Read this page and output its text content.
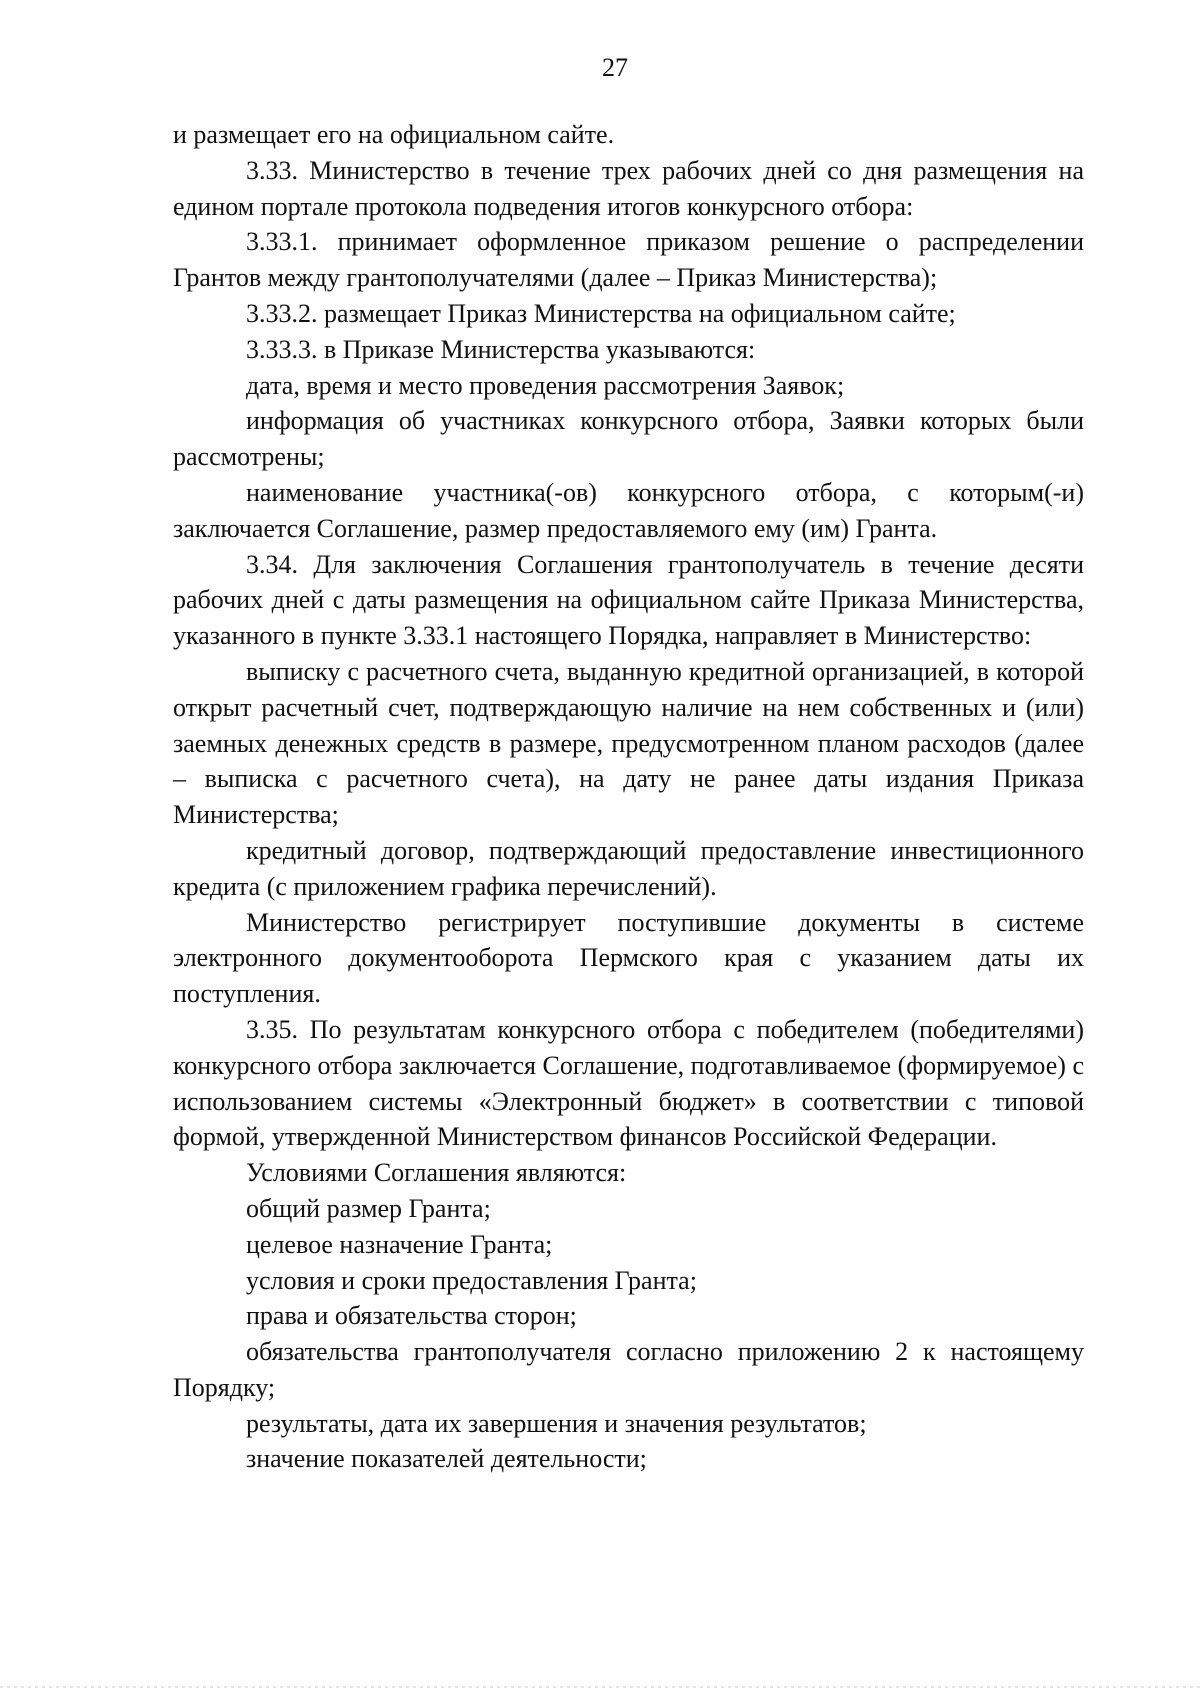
27

и размещает его на официальном сайте.

3.33. Министерство в течение трех рабочих дней со дня размещения на едином портале протокола подведения итогов конкурсного отбора:

3.33.1. принимает оформленное приказом решение о распределении Грантов между грантополучателями (далее – Приказ Министерства);

3.33.2. размещает Приказ Министерства на официальном сайте;

3.33.3. в Приказе Министерства указываются:

дата, время и место проведения рассмотрения Заявок;

информация об участниках конкурсного отбора, Заявки которых были рассмотрены;

наименование участника(-ов) конкурсного отбора, с которым(-и) заключается Соглашение, размер предоставляемого ему (им) Гранта.

3.34. Для заключения Соглашения грантополучатель в течение десяти рабочих дней с даты размещения на официальном сайте Приказа Министерства, указанного в пункте 3.33.1 настоящего Порядка, направляет в Министерство:

выписку с расчетного счета, выданную кредитной организацией, в которой открыт расчетный счет, подтверждающую наличие на нем собственных и (или) заемных денежных средств в размере, предусмотренном планом расходов (далее – выписка с расчетного счета), на дату не ранее даты издания Приказа Министерства;

кредитный договор, подтверждающий предоставление инвестиционного кредита (с приложением графика перечислений).

Министерство регистрирует поступившие документы в системе электронного документооборота Пермского края с указанием даты их поступления.

3.35. По результатам конкурсного отбора с победителем (победителями) конкурсного отбора заключается Соглашение, подготавливаемое (формируемое) с использованием системы «Электронный бюджет» в соответствии с типовой формой, утвержденной Министерством финансов Российской Федерации.

Условиями Соглашения являются:

общий размер Гранта;

целевое назначение Гранта;

условия и сроки предоставления Гранта;

права и обязательства сторон;

обязательства грантополучателя согласно приложению 2 к настоящему Порядку;

результаты, дата их завершения и значения результатов;

значение показателей деятельности;
